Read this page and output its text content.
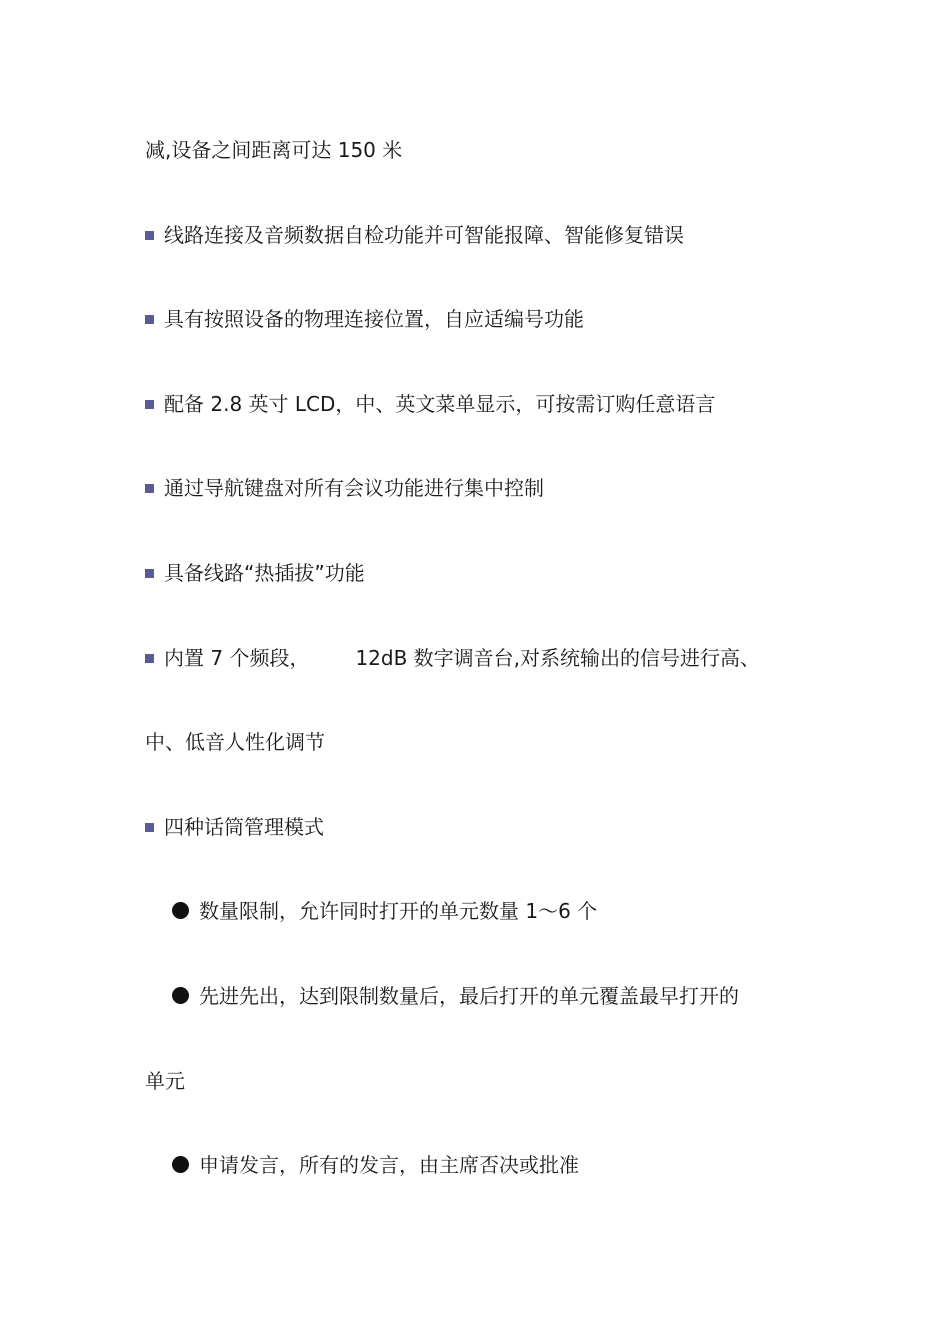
减,设备之间距离可达 150 米
线路连接及音频数据自检功能并可智能报障、智能修复错误
具有按照设备的物理连接位置，自应适编号功能
配备 2.8 英寸 LCD，中、英文菜单显示，可按需订购任意语言
通过导航键盘对所有会议功能进行集中控制
具备线路“热插拔”功能
内置 7 个频段， 12dB 数字调音台,对系统输出的信号进行高、
中、低音人性化调节
四种话筒管理模式
数量限制，允许同时打开的单元数量 1～6 个
先进先出，达到限制数量后，最后打开的单元覆盖最早打开的
单元
申请发言，所有的发言，由主席否决或批准
